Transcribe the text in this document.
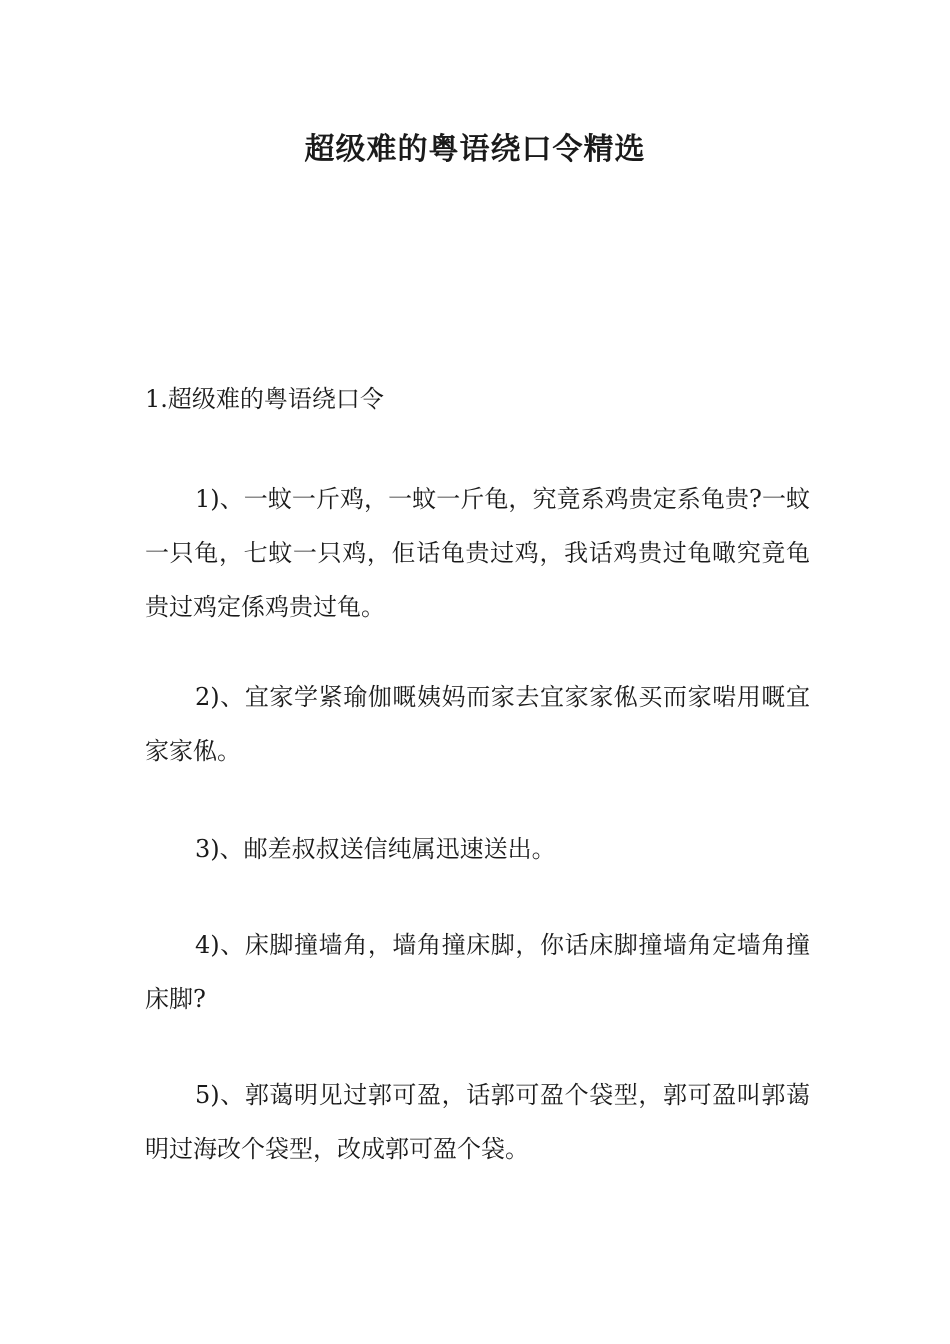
超级难的粤语绕口令精选
1.超级难的粤语绕口令

1)、一蚊一斤鸡，一蚊一斤龟，究竟系鸡贵定系龟贵?一蚊一只龟，七蚊一只鸡，佢话龟贵过鸡，我话鸡贵过龟噉究竟龟贵过鸡定係鸡贵过龟。

2)、宜家学紧瑜伽嘅姨妈而家去宜家家俬买而家啱用嘅宜家家俬。

3)、邮差叔叔送信纯属迅速送出。

4)、床脚撞墙角，墙角撞床脚，你话床脚撞墙角定墙角撞床脚?

5)、郭蔼明见过郭可盈，话郭可盈个袋型，郭可盈叫郭蔼明过海改个袋型，改成郭可盈个袋。
